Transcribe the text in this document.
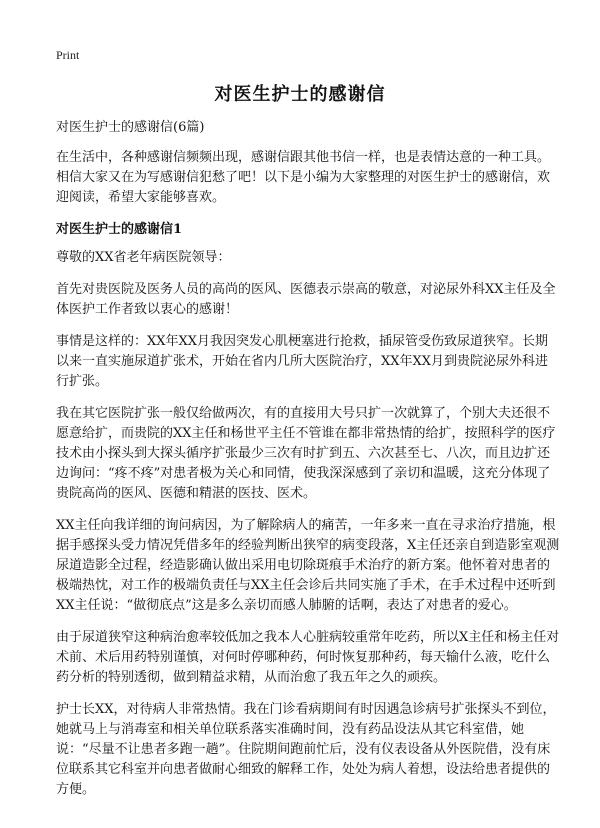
Print
对医生护士的感谢信

对医生护士的感谢信(6篇)

在生活中，各种感谢信频频出现，感谢信跟其他书信一样，也是表情达意的一种工具。相信大家又在为写感谢信犯愁了吧！以下是小编为大家整理的对医生护士的感谢信，欢迎阅读，希望大家能够喜欢。

对医生护士的感谢信1

尊敬的XX省老年病医院领导：

首先对贵医院及医务人员的高尚的医风、医德表示崇高的敬意，对泌尿外科XX主任及全体医护工作者致以衷心的感谢！

事情是这样的：XX年XX月我因突发心肌梗塞进行抢救，插尿管受伤致尿道狭窄。长期以来一直实施尿道扩张术，开始在省内几所大医院治疗，XX年XX月到贵院泌尿外科进行扩张。

我在其它医院扩张一般仅给做两次，有的直接用大号只扩一次就算了，个别大夫还很不愿意给扩，而贵院的XX主任和杨世平主任不管谁在都非常热情的给扩，按照科学的医疗技术由小探头到大探头循序扩张最少三次有时扩到五、六次甚至七、八次，而且边扩还边询问：“疼不疼”对患者极为关心和同情，使我深深感到了亲切和温暖，这充分体现了贵院高尚的医风、医德和精湛的医技、医术。

XX主任向我详细的询问病因，为了解除病人的痛苦，一年多来一直在寻求治疗措施，根据手感探头受力情况凭借多年的经验判断出狭窄的病变段落，X主任还亲自到造影室观测尿道造影全过程，经造影确认做出采用电切除斑痕手术治疗的新方案。他怀着对患者的极端热忱，对工作的极端负责任与XX主任会诊后共同实施了手术，在手术过程中还听到XX主任说：“做彻底点”这是多么亲切而感人肺腑的话啊，表达了对患者的爱心。

由于尿道狭窄这种病治愈率较低加之我本人心脏病较重常年吃药，所以X主任和杨主任对术前、术后用药特别谨慎，对何时停哪种药，何时恢复那种药，每天输什么液，吃什么药分析的特别透彻，做到精益求精，从而治愈了我五年之久的顽疾。

护士长XX，对待病人非常热情。我在门诊看病期间有时因遇急诊病号扩张探头不到位，她就马上与消毒室和相关单位联系落实准确时间，没有药品设法从其它科室借，她说：“尽量不让患者多跑一趟”。住院期间跑前忙后，没有仪表设备从外医院借，没有床位联系其它科室并向患者做耐心细致的解释工作，处处为病人着想，设法给患者提供的方便。
